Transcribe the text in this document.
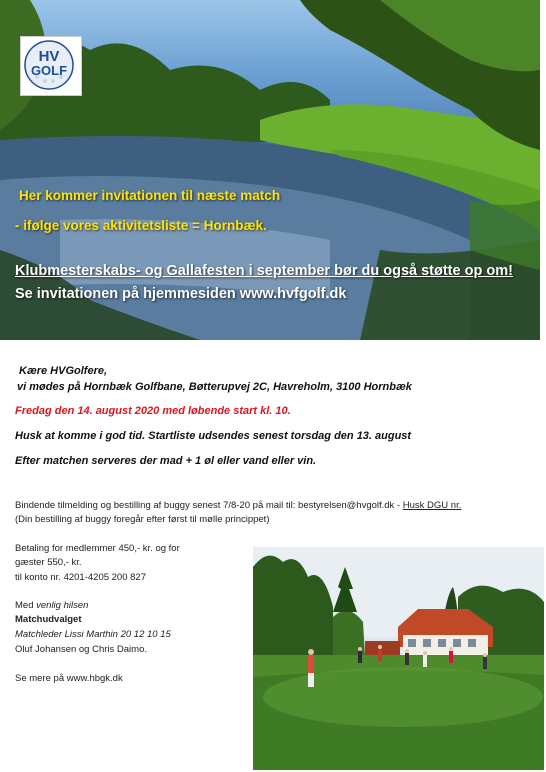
HV
GOLF
Her kommer invitationen til næste match
- ifølge vores aktivitetsliste = Hornbæk.
Klubmesterskabs- og Gallafesten i september bør du også støtte op om!
Se invitationen på hjemmesiden www.hvfgolf.dk
Kære HVGolfere,
vi mødes på Hornbæk Golfbane, Bøtterupvej 2C, Havreholm, 3100 Hornbæk
Fredag den 14. august 2020 med løbende start kl. 10.
Husk at komme i god tid. Startliste udsendes senest torsdag den 13. august
Efter matchen serveres der mad + 1 øl eller vand eller vin.
Bindende tilmelding og bestilling af buggy senest 7/8-20 på mail til: bestyrelsen@hvgolf.dk - Husk DGU nr.
(Din bestilling af buggy foregår efter først til mølle princippet)
Betaling for medlemmer 450,- kr. og for
gæster 550,- kr.
til konto nr. 4201-4205 200 827
Med venlig hilsen
Matchudvalget
Matchleder Lissi Marthin 20 12 10 15
Oluf Johansen og Chris Daimo.
Se mere på www.hbgk.dk
